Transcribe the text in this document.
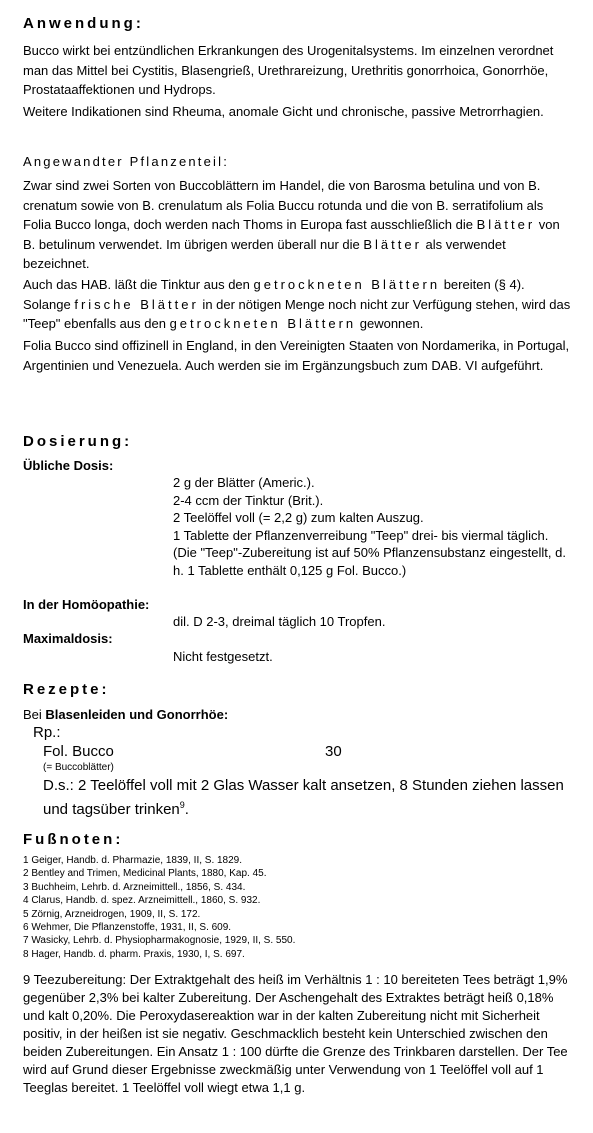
Anwendung:

Bucco wirkt bei entzündlichen Erkrankungen des Urogenitalsystems. Im einzelnen verordnet man das Mittel bei Cystitis, Blasengrieß, Urethrareizung, Urethritis gonorrhoica, Gonorrhöe, Prostataaffektionen und Hydrops.

Weitere Indikationen sind Rheuma, anomale Gicht und chronische, passive Metrorrhagien.

Angewandter Pflanzenteil:

Zwar sind zwei Sorten von Buccoblättern im Handel, die von Barosma betulina und von B. crenatum sowie von B. crenulatum als Folia Buccu rotunda und die von B. serratifolium als Folia Bucco longa, doch werden nach Thoms in Europa fast ausschließlich die Blätter von B. betulinum verwendet. Im übrigen werden überall nur die Blätter als verwendet bezeichnet.

Auch das HAB. läßt die Tinktur aus den getrockneten Blättern bereiten (§ 4). Solange frische Blätter in der nötigen Menge noch nicht zur Verfügung stehen, wird das "Teep" ebenfalls aus den getrockneten Blättern gewonnen.

Folia Bucco sind offizinell in England, in den Vereinigten Staaten von Nordamerika, in Portugal, Argentinien und Venezuela. Auch werden sie im Ergänzungsbuch zum DAB. VI aufgeführt.

Dosierung:

Übliche Dosis:

2 g der Blätter (Americ.).

2-4 ccm der Tinktur (Brit.).

2 Teelöffel voll (= 2,2 g) zum kalten Auszug.

1 Tablette der Pflanzenverreibung "Teep" drei- bis viermal täglich.

(Die "Teep"-Zubereitung ist auf 50% Pflanzensubstanz eingestellt, d. h. 1 Tablette enthält 0,125 g Fol. Bucco.)

In der Homöopathie:

dil. D 2-3, dreimal täglich 10 Tropfen.

Maximaldosis:

Nicht festgesetzt.

Rezepte:

Bei Blasenleiden und Gonorrhöe:

Rp.:

Fol. Bucco	30

(= Buccoblätter)

D.s.: 2 Teelöffel voll mit 2 Glas Wasser kalt ansetzen, 8 Stunden ziehen lassen und tagsüber trinken$^9$.

Fußnoten:

1 Geiger, Handb. d. Pharmazie, 1839, II, S. 1829.

2 Bentley and Trimen, Medicinal Plants, 1880, Kap. 45.

3 Buchheim, Lehrb. d. Arzneimittell., 1856, S. 434.

4 Clarus, Handb. d. spez. Arzneimittell., 1860, S. 932.

5 Zörnig, Arzneidrogen, 1909, II, S. 172.

6 Wehmer, Die Pflanzenstoffe, 1931, II, S. 609.

7 Wasicky, Lehrb. d. Physiopharmakognosie, 1929, II, S. 550.

8 Hager, Handb. d. pharm. Praxis, 1930, I, S. 697.

9 Teezubereitung: Der Extraktgehalt des heiß im Verhältnis 1 : 10 bereiteten Tees beträgt 1,9% gegenüber 2,3% bei kalter Zubereitung. Der Aschengehalt des Extraktes beträgt heiß 0,18% und kalt 0,20%. Die Peroxydasereaktion war in der kalten Zubereitung nicht mit Sicherheit positiv, in der heißen ist sie negativ. Geschmacklich besteht kein Unterschied zwischen den beiden Zubereitungen. Ein Ansatz 1 : 100 dürfte die Grenze des Trinkbaren darstellen. Der Tee wird auf Grund dieser Ergebnisse zweckmäßig unter Verwendung von 1 Teelöffel voll auf 1 Teeglas bereitet. 1 Teelöffel voll wiegt etwa 1,1 g.
